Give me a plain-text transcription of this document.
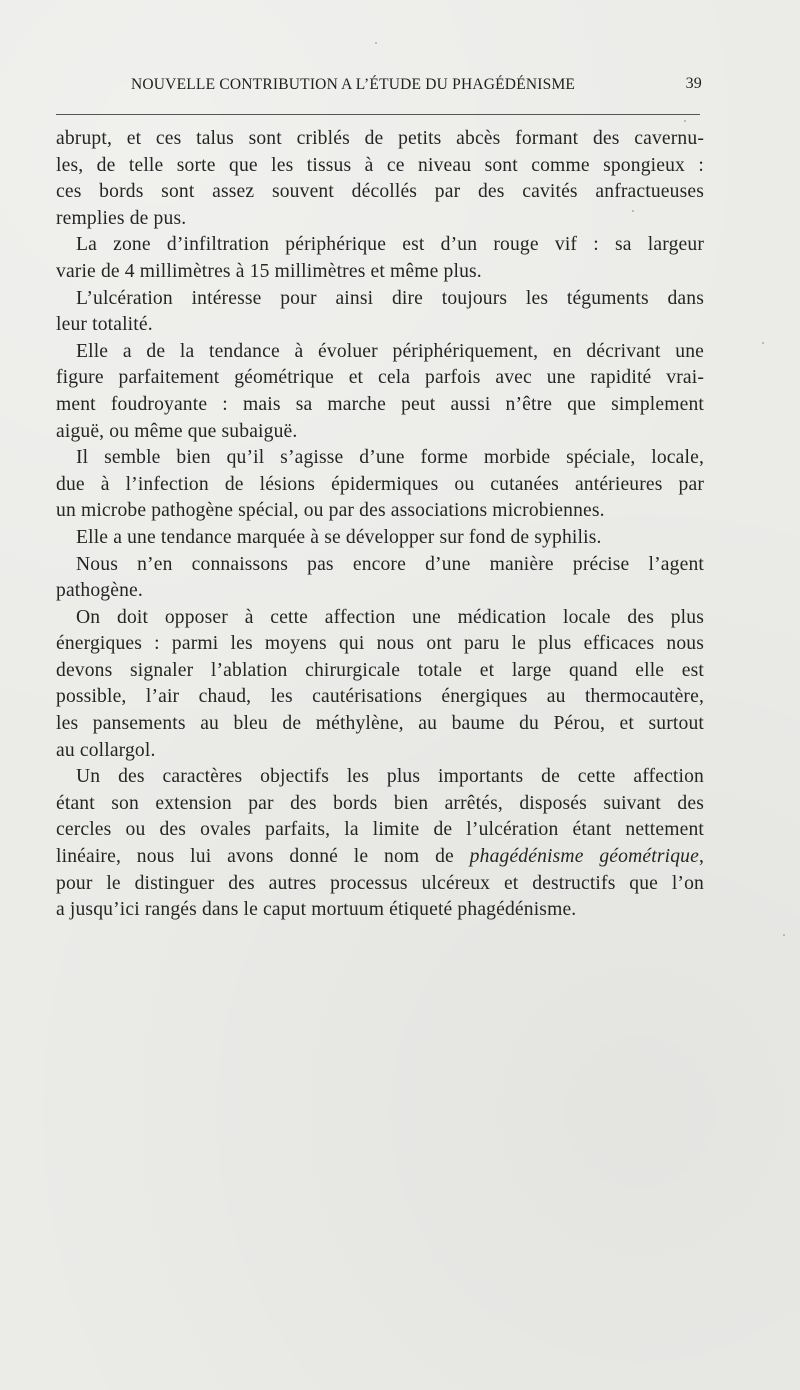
NOUVELLE CONTRIBUTION A L’ÉTUDE DU PHAGÉDÉNISME	39
abrupt, et ces talus sont criblés de petits abcès formant des cavernu-
les, de telle sorte que les tissus à ce niveau sont comme spongieux :
ces bords sont assez souvent décollés par des cavités anfractueuses
remplies de pus.
La zone d’infiltration périphérique est d’un rouge vif : sa largeur
varie de 4 millimètres à 15 millimètres et même plus.
L’ulcération intéresse pour ainsi dire toujours les téguments dans
leur totalité.
Elle a de la tendance à évoluer périphériquement, en décrivant une
figure parfaitement géométrique et cela parfois avec une rapidité vrai-
ment foudroyante : mais sa marche peut aussi n’être que simplement
aiguë, ou même que subaiguë.
Il semble bien qu’il s’agisse d’une forme morbide spéciale, locale,
due à l’infection de lésions épidermiques ou cutanées antérieures par
un microbe pathogène spécial, ou par des associations microbiennes.
Elle a une tendance marquée à se développer sur fond de syphilis.
Nous n’en connaissons pas encore d’une manière précise l’agent
pathogène.
On doit opposer à cette affection une médication locale des plus
énergiques : parmi les moyens qui nous ont paru le plus efficaces nous
devons signaler l’ablation chirurgicale totale et large quand elle est
possible, l’air chaud, les cautérisations énergiques au thermocautère,
les pansements au bleu de méthylène, au baume du Pérou, et surtout
au collargol.
Un des caractères objectifs les plus importants de cette affection
étant son extension par des bords bien arrêtés, disposés suivant des
cercles ou des ovales parfaits, la limite de l’ulcération étant nettement
linéaire, nous lui avons donné le nom de phagédénisme géométrique,
pour le distinguer des autres processus ulcéreux et destructifs que l’on
a jusqu’ici rangés dans le caput mortuum étiqueté phagédénisme.
